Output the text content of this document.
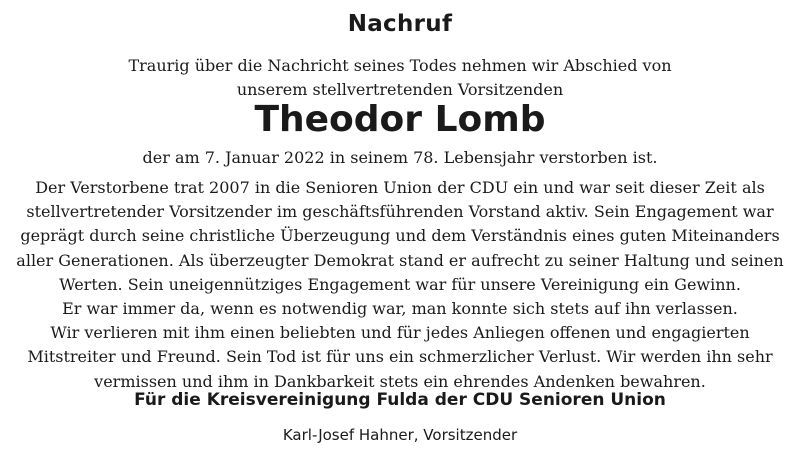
Nachruf
Traurig über die Nachricht seines Todes nehmen wir Abschied von
unserem stellvertretenden Vorsitzenden
Theodor Lomb
der am 7. Januar 2022 in seinem 78. Lebensjahr verstorben ist.
Der Verstorbene trat 2007 in die Senioren Union der CDU ein und war seit dieser Zeit als
stellvertretender Vorsitzender im geschäftsführenden Vorstand aktiv. Sein Engagement war
geprägt durch seine christliche Überzeugung und dem Verständnis eines guten Miteinanders
aller Generationen. Als überzeugter Demokrat stand er aufrecht zu seiner Haltung und seinen
Werten. Sein uneigennütziges Engagement war für unsere Vereinigung ein Gewinn.
Er war immer da, wenn es notwendig war, man konnte sich stets auf ihn verlassen.
Wir verlieren mit ihm einen beliebten und für jedes Anliegen offenen und engagierten
Mitstreiter und Freund. Sein Tod ist für uns ein schmerzlicher Verlust. Wir werden ihn sehr
vermissen und ihm in Dankbarkeit stets ein ehrendes Andenken bewahren.
Für die Kreisvereinigung Fulda der CDU Senioren Union
Karl-Josef Hahner, Vorsitzender
